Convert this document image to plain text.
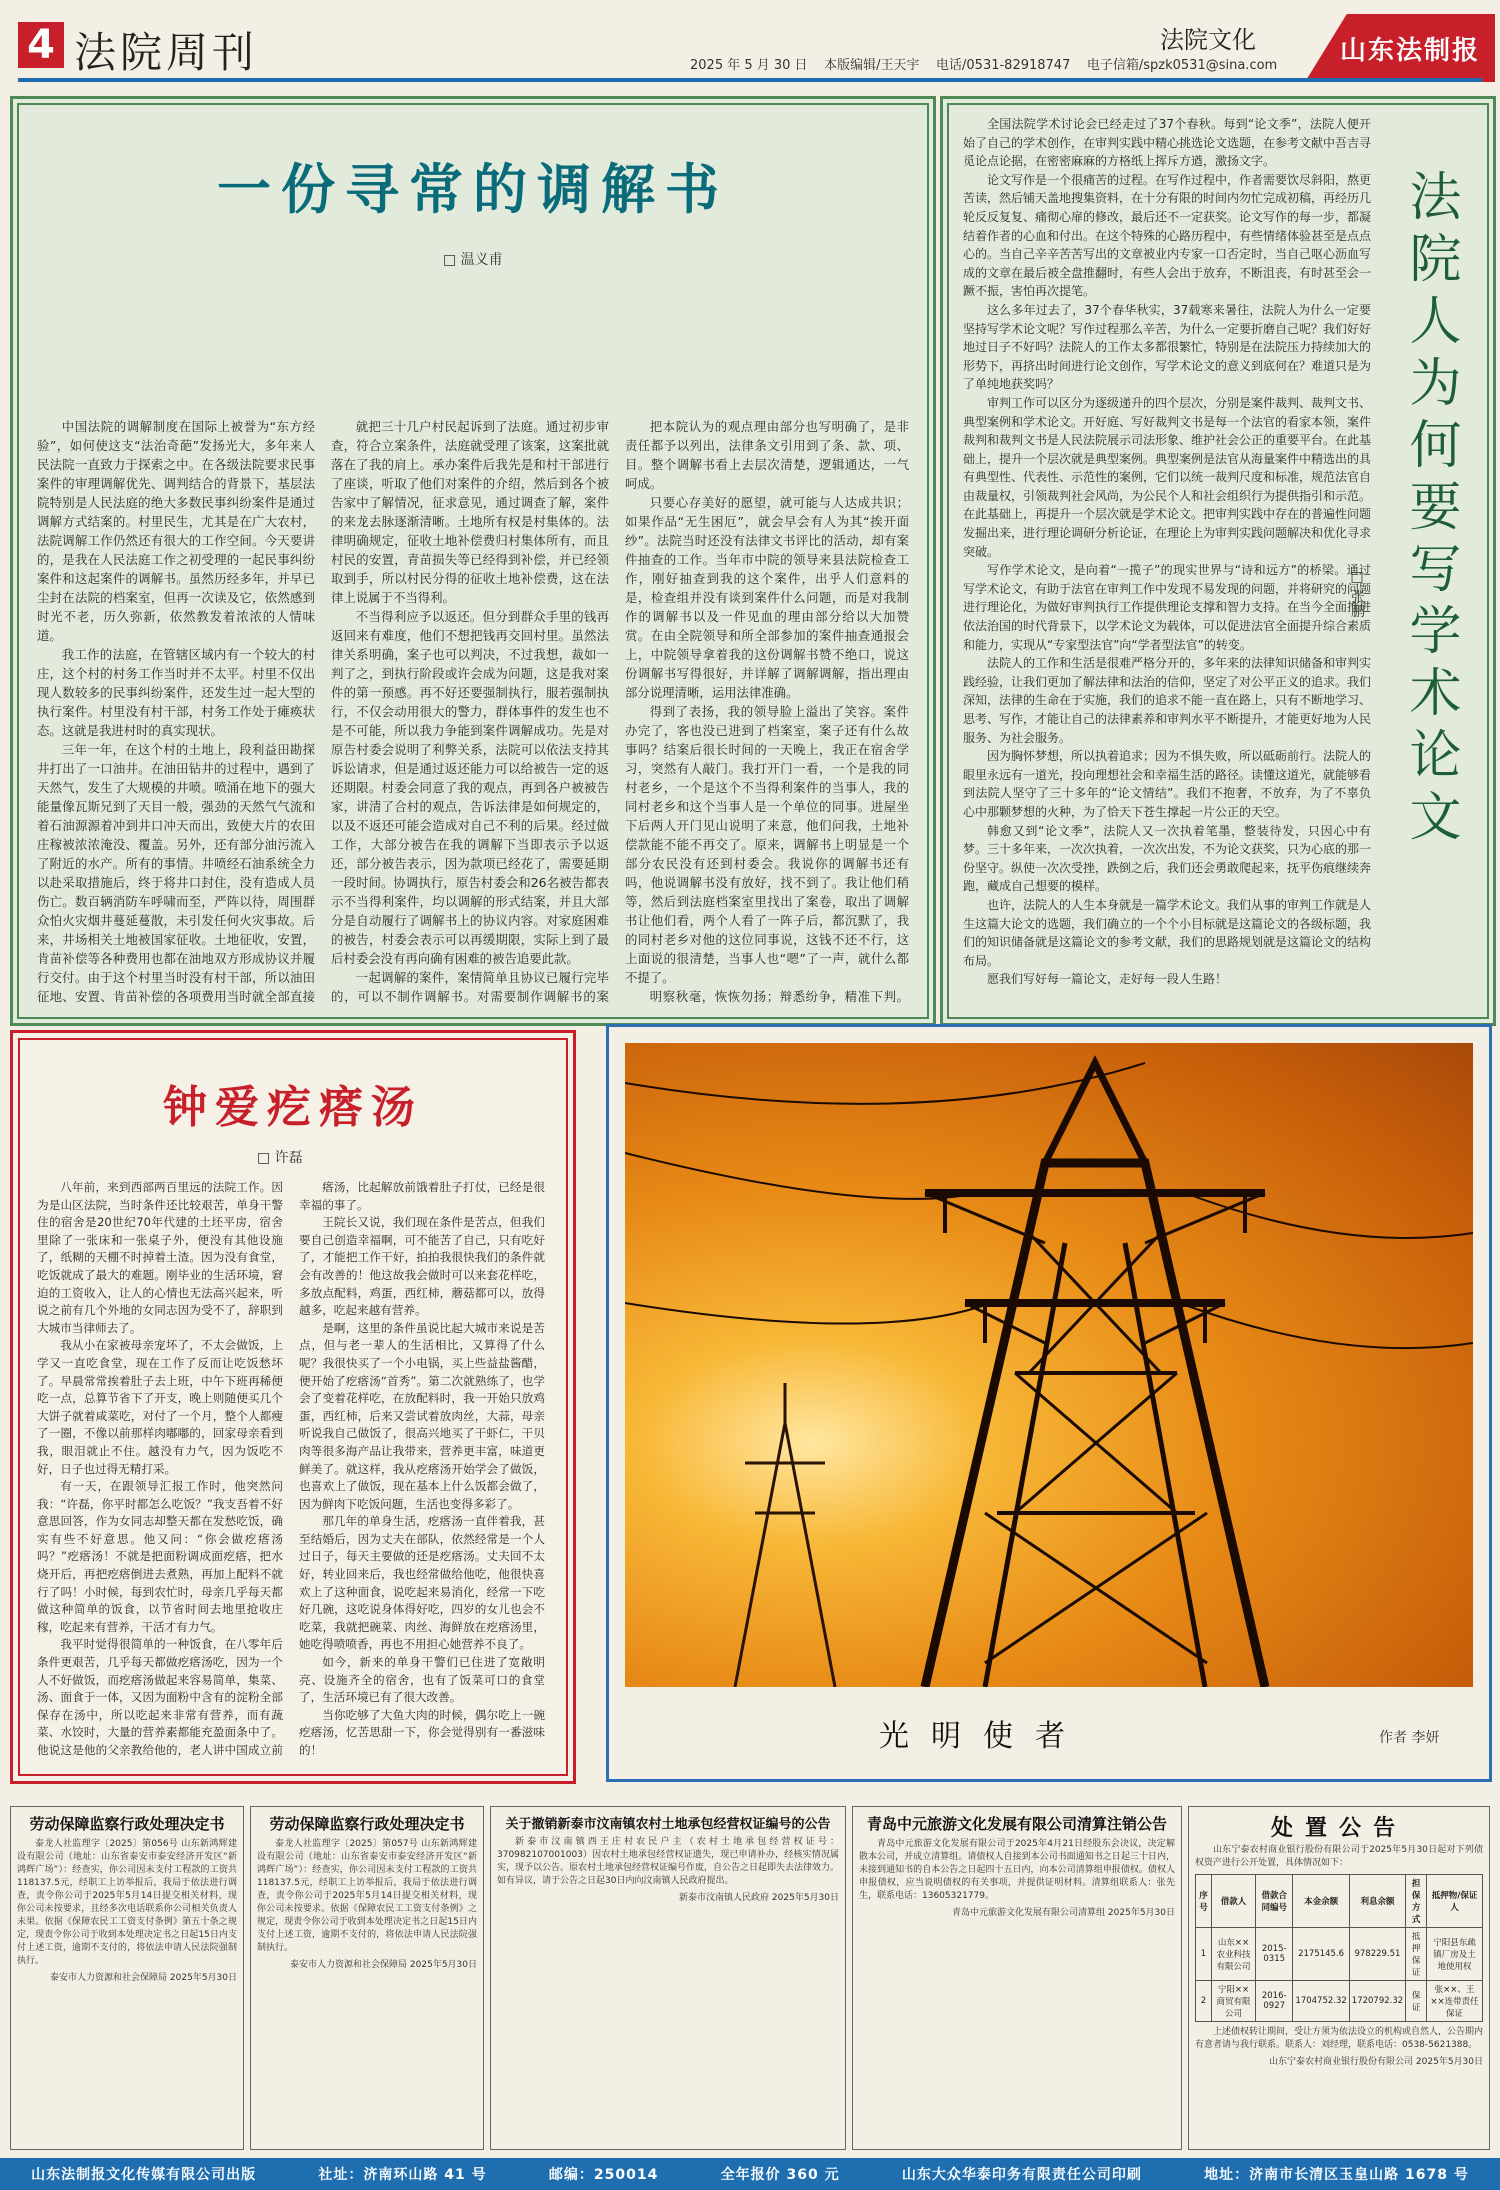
4 法院周刊	法院文化
2025 年 5 月 30 日 本版编辑/王天宇 电话/0531-82918747 电子信箱/spzk0531@sina.com 山东法制报
一份寻常的调解书
□ 温义甫

中国法院的调解制度在国际上被誉为“东方经验”，如何使这支“法治奇葩”发扬光大，多年来人民法院一直致力于探索之中。在各级法院要求民事案件的审理调解优先、调判结合的背景下，基层法院特别是人民法庭的绝大多数民事纠纷案件是通过调解方式结案的。村里民生，尤其是在广大农村，法院调解工作仍然还有很大的工作空间。今天要讲的，是我在人民法庭工作之初受理的一起民事纠纷案件和这起案件的调解书。虽然历经多年，并早已尘封在法院的档案室，但再一次读及它，依然感到时光不老，历久弥新，依然教发着浓浓的人情味道。

我工作的法庭，在管辖区域内有一个较大的村庄，这个村的村务工作当时并不太平。村里不仅出现人数较多的民事纠纷案件，还发生过一起大型的执行案件。村里没有村干部，村务工作处于瘫痪状态。这就是我进村时的真实现状。

三年一年，在这个村的土地上，段利益田勘探井打出了一口油井。在油田钻井的过程中，遇到了天然气，发生了大规模的井喷。喷涌在地下的强大能量像瓦斯兄到了天目一般，强劲的天然气气流和着石油源源着冲到井口冲天而出，致使大片的农田庄稼被浓浓淹没、覆盖。另外，还有部分油污流入了附近的水产。所有的事情。井喷经石油系统全力以赴采取措施后，终于将井口封住，没有造成人员伤亡。数百辆消防车呼啸而至，严阵以待，周围群众怕火灾烟井蔓延蔓散，未引发任何火灾事故。后来，井场相关土地被国家征收。土地征收，安置，肯苗补偿等各种费用也都在油地双方形成协议并履行交付。由于这个村里当时没有村干部，所以油田征地、安置、肯苗补偿的各项费用当时就全部直接

就把三十几户村民起诉到了法庭。通过初步审查，符合立案条件，法庭就受理了该案，这案批就落在了我的肩上。承办案件后我先是和村干部进行了座谈，听取了他们对案件的介绍，然后到各个被告家中了解情况，征求意见，通过调查了解，案件的来龙去脉逐渐清晰。土地所有权是村集体的。法律明确规定，征收土地补偿费归村集体所有，而且村民的安置，青苗损失等已经得到补偿，并已经领取到手，所以村民分得的征收土地补偿费，这在法律上说属于不当得利。

不当得利应予以返还。但分到群众手里的钱再返回来有难度，他们不想把钱再交回村里。虽然法律关系明确，案子也可以判决，不过我想，裁如一判了之，到执行阶段或许会成为问题，这是我对案件的第一预感。再不好还要强制执行，服若强制执行，不仅会动用很大的警力，群体事件的发生也不是不可能，所以我力争能到案件调解成功。先是对原告村委会说明了利弊关系，法院可以依法支持其诉讼请求，但是通过返还能力可以给被告一定的返还期限。村委会同意了我的观点，再到各户被被告家，讲清了合村的观点，告诉法律是如何规定的，以及不返还可能会造成对自己不利的后果。经过做工作，大部分被告在我的调解下当即表示予以返还，部分被告表示，因为款项已经花了，需要延期一段时间。协调执行，原告村委会和26名被告都表示不当得利案件，均以调解的形式结案，并且大部分是自动履行了调解书上的协议内容。对家庭困难的被告，村委会表示可以再缓期限，实际上到了最后村委会没有再向确有困难的被告追要此款。

一起调解的案件，案情简单且协议已履行完毕的，可以不制作调解书。对需要制作调解书的案

把本院认为的观点理由部分也写明确了，是非责任都予以列出，法律条文引用到了条、款、项、目。整个调解书看上去层次清楚，逻辑通达，一气呵成。

只要心存美好的愿望，就可能与人达成共识；如果作品“无生困厄”，就会早会有人为其“挨开面纱”。法院当时还没有法律文书评比的活动，却有案件抽查的工作。当年市中院的领导来县法院检查工作，刚好抽查到我的这个案件，出乎人们意料的是，检查组并没有谈到案件什么问题，而是对我制作的调解书以及一件见血的理由部分给以大加赞赏。在由全院领导和所全部参加的案件抽查通报会上，中院领导拿着我的这份调解书赞不绝口，说这份调解书写得很好，并详解了调解调解，指出理由部分说理清晰，运用法律准确。

得到了表扬，我的领导脸上溢出了笑容。案件办完了，客也没已进到了档案室，案子还有什么故事吗？结案后很长时间的一天晚上，我正在宿舍学习，突然有人敲门。我打开门一看，一个是我的同村老乡，一个是这个不当得利案件的当事人，我的同村老乡和这个当事人是一个单位的同事。进屋坐下后两人开门见山说明了来意，他们问我，土地补偿款能不能不再交了。原来，调解书上明显是一个部分农民没有还到村委会。我说你的调解书还有吗，他说调解书没有放好，找不到了。我让他们稍等，然后到法庭档案室里找出了案卷，取出了调解书让他们看，两个人看了一阵子后，都沉默了，我的同村老乡对他的这位同事说，这钱不还不行，这上面说的很清楚，当事人也“嗯”了一声，就什么都不提了。

明察秋毫，恢恢勿扬；辩悉纷争，精准下判。

全国法院学术讨论会已经走过了37个春秋。每到“论文季”，法院人便开始了自己的学术创作，在审判实践中精心挑选论文选题，在参考文献中吾吉寻觅论点论据，在密密麻麻的方格纸上挥斥方遒，激扬文字。

论文写作是一个很痛苦的过程。在写作过程中，作者需要饮尽斜阳，熬更苦读，然后铺天盖地搜集资料，在十分有限的时间内勿忙完成初稿，再经历几轮反反复复、痛彻心扉的修改，最后还不一定获奖。论文写作的每一步，都凝结着作者的心血和付出。在这个特殊的心路历程中，有些情绪体验甚至是点点心的。当自己辛辛苦苦写出的文章被业内专家一口否定时，当自己呕心沥血写成的文章在最后被全盘推翻时，有些人会出于放弃，不断沮丧，有时甚至会一蹶不振，害怕再次提笔。

这么多年过去了，37个春华秋实，37载寒来暑往，法院人为什么一定要坚持写学术论文呢？写作过程那么辛苦，为什么一定要折磨自己呢？我们好好地过日子不好吗？法院人的工作太多都很繁忙，特别是在法院压力持续加大的形势下，再挤出时间进行论文创作，写学术论文的意义到底何在？难道只是为了单纯地获奖吗？

审判工作可以区分为逐级递升的四个层次，分别是案件裁判、裁判文书、典型案例和学术论文。开好庭、写好裁判文书是每一个法官的看家本领，案件裁判和裁判文书是人民法院展示司法形象、维护社会公正的重要平台。在此基础上，提升一个层次就是典型案例。典型案例是法官从海量案件中精选出的具有典型性、代表性、示范性的案例，它们以统一裁判尺度和标准，规范法官自由裁量权，引领裁判社会风尚，为公民个人和社会组织行为提供指引和示范。在此基础上，再提升一个层次就是学术论文。把审判实践中存在的普遍性问题发掘出来，进行理论调研分析论证，在理论上为审判实践问题解决和优化寻求突破。

写作学术论文，是向着“一揽子”的现实世界与“诗和远方”的桥梁。通过写学术论文，有助于法官在审判工作中发现不易发现的问题，并将研究的问题进行理论化，为做好审判执行工作提供理论支撑和智力支持。在当今全面推进依法治国的时代背景下，以学术论文为载体，可以促进法官全面提升综合素质和能力，实现从“专家型法官”向“学者型法官”的转变。

法院人的工作和生活是很难严格分开的，多年来的法律知识储备和审判实践经验，让我们更加了解法律和法治的信仰，坚定了对公平正义的追求。我们深知，法律的生命在于实施，我们的追求不能一直在路上，只有不断地学习、思考、写作，才能让自己的法律素养和审判水平不断提升，才能更好地为人民服务、为社会服务。

因为胸怀梦想，所以执着追求；因为不惧失败，所以砥砺前行。法院人的眼里永远有一道光，投向理想社会和幸福生活的路径。读懂这道光，就能够看到法院人坚守了三十多年的“论文情结”。我们不抱奢，不放弃，为了不辜负心中那颗梦想的火种，为了恰天下苍生撑起一片公正的天空。

韩愈又到“论文季”，法院人又一次执着笔墨，整装待发，只因心中有梦。三十多年来，一次次执着，一次次出发，不为论文获奖，只为心底的那一份坚守。纵使一次次受挫，跌倒之后，我们还会勇敢爬起来，抚平伤痕继续奔跑，藏成自己想要的模样。

也许，法院人的人生本身就是一篇学术论文。我们从事的审判工作就是人生这篇大论文的选题，我们确立的一个个小目标就是这篇论文的各级标题，我们的知识储备就是这篇论文的参考文献，我们的思路规划就是这篇论文的结构布局。

愿我们写好每一篇论文，走好每一段人生路！

法院人为何要写学术论文
□ 张鹏
钟爱疙瘩汤
□ 许磊

八年前，来到西部两百里远的法院工作。因为是山区法院，当时条件还比较艰苦，单身干警住的宿舍是20世纪70年代建的土坯平房，宿舍里除了一张床和一张桌子外，便没有其他设施了，纸糊的天棚不时掉着土渣。因为没有食堂，吃饭就成了最大的难题。刚毕业的生活环境，窘迫的工资收入，让人的心情也无法高兴起来，听说之前有几个外地的女同志因为受不了，辞职到大城市当律师去了。

我从小在家被母亲宠坏了，不太会做饭，上学又一直吃食堂，现在工作了反而让吃饭愁坏了。早晨常常挨着肚子去上班，中午下班再稀便吃一点，总算节省下了开支，晚上则随便买几个大饼子就着咸菜吃，对付了一个月，整个人都瘦了一圈，不像以前那样肉嘟嘟的，回家母亲看到我，眼泪就止不住。越没有力气，因为饭吃不好，日子也过得无精打采。

有一天，在跟领导汇报工作时，他突然问我：“许磊，你平时都怎么吃饭？”我支吾着不好意思回答，作为女同志却整天都在发愁吃饭，确实有些不好意思。他又问：“你会做疙瘩汤吗？”疙瘩汤！不就是把面粉调成面疙瘩，把水烧开后，再把疙瘩倒进去煮熟，再加上配料不就行了吗！小时候，每到农忙时，母亲几乎每天都做这种简单的饭食，以节省时间去地里抢收庄稼，吃起来有营养，干活才有力气。

我平时觉得很简单的一种饭食，在八零年后条件更艰苦，几乎每天都做疙瘩汤吃，因为一个人不好做饭，而疙瘩汤做起来容易简单，集菜、汤、面食于一体，又因为面粉中含有的淀粉全部保存在汤中，所以吃起来非常有营养，而有蔬菜、水饺时，大量的营养素都能充盈面条中了。他说这是他的父亲教给他的，老人讲中国成立前

瘩汤，比起解放前饿着肚子打仗，已经是很幸福的事了。

王院长又说，我们现在条件是苦点，但我们要自己创造幸福啊，可不能苦了自己，只有吃好了，才能把工作干好，拍拍我很快我们的条件就会有改善的！他这故我会做时可以来套花样吃，多放点配料，鸡蛋，西红柿，蘑菇都可以，放得越多，吃起来越有营养。

是啊，这里的条件虽说比起大城市来说是苦点，但与老一辈人的生活相比，又算得了什么呢？我很快买了一个小电锅，买上些益盐酱醋，便开始了疙瘩汤“首秀”。第二次就熟练了，也学会了变着花样吃，在放配料时，我一开始只放鸡蛋，西红柿，后来又尝试着放肉丝，大蒜，母亲听说我自己做饭了，很高兴地买了干虾仁，干贝肉等很多海产品让我带来，营养更丰富，味道更鲜美了。就这样，我从疙瘩汤开始学会了做饭，也喜欢上了做饭，现在基本上什么饭都会做了，因为鲜肉下吃饭问题，生活也变得多彩了。

那几年的单身生活，疙瘩汤一直伴着我，甚至结婚后，因为丈夫在部队，依然经常是一个人过日子，每天主要做的还是疙瘩汤。丈夫回不太好，转业回来后，我也经常做给他吃，他很快喜欢上了这种面食，说吃起来易消化，经常一下吃好几碗，这吃说身体得好吃，四岁的女儿也会不吃菜，我就把碗菜、肉丝、海鲜放在疙瘩汤里，她吃得喷喷香，再也不用担心她营养不良了。

如今，新来的单身干警们已住进了宽敞明亮、设施齐全的宿舍，也有了饭菜可口的食堂了，生活环境已有了很大改善。

当你吃够了大鱼大肉的时候，偶尔吃上一碗疙瘩汤，忆苦思甜一下，你会觉得别有一番滋味的！	光明使者	作者 李妍
劳动保障监察行政处理决定书

泰龙人社监理字〔2025〕第056号 山东新鸿辉建设有限公司（地址：山东省泰安市泰安经济开发区“新鸿辉广场”）：经查实，你公司因未支付工程款的工资共118137.5元，经职工上访举报后，我局于依法进行调查，责令你公司于2025年5月14日提交相关材料，现你公司未按要求，且经多次电话联系你公司相关负责人未果。依据《保障农民工工资支付条例》第五十条之规定，现责令你公司于收到本处理决定书之日起15日内支付上述工资，逾期不支付的，将依法申请人民法院强制执行。

泰安市人力资源和社会保障局 2025年5月30日
劳动保障监察行政处理决定书

泰龙人社监理字〔2025〕第057号 山东新鸿辉建设有限公司（地址：山东省泰安市泰安经济开发区“新鸿辉广场”）：经查实，你公司因未支付工程款的工资共118137.5元，经职工上访举报后，我局于依法进行调查，责令你公司于2025年5月14日提交相关材料，现你公司未按要求。依据《保障农民工工资支付条例》之规定，现责令你公司于收到本处理决定书之日起15日内支付上述工资，逾期不支付的，将依法申请人民法院强制执行。

泰安市人力资源和社会保障局 2025年5月30日
关于撤销新泰市汶南镇农村土地承包经营权证编号的公告

新泰市汶南镇西王庄村农民户主（农村土地承包经营权证号：370982107001003）因农村土地承包经营权证遗失，现已申请补办，经核实情况属实，现予以公告。原农村土地承包经营权证编号作废，自公告之日起即失去法律效力。如有异议，请于公告之日起30日内向汶南镇人民政府提出。

新泰市汶南镇人民政府 2025年5月30日
青岛中元旅游文化发展有限公司清算注销公告

青岛中元旅游文化发展有限公司于2025年4月21日经股东会决议，决定解散本公司，并成立清算组。请债权人自接到本公司书面通知书之日起三十日内，未接到通知书的自本公告之日起四十五日内，向本公司清算组申报债权。债权人申报债权，应当说明债权的有关事项，并提供证明材料。清算组联系人：张先生，联系电话：13605321779。

青岛中元旅游文化发展有限公司清算组 2025年5月30日
处置公告

山东宁泰农村商业银行股份有限公司于2025年5月30日起对下列债权资产进行公开处置，具体情况如下：

序号	借款人	借款合同编号	本金余额	利息余额	担保方式	抵押物/保证人
1	山东××农业科技有限公司	2015-0315	2175145.6	978229.51	抵押保证	宁阳县东疏镇厂房及土地使用权
2	宁阳××商贸有限公司	2016-0927	1704752.32	1720792.32	保证	张××、王××连带责任保证

上述债权转让期间，受让方须为依法设立的机构或自然人，公告期内有意者请与我行联系。联系人：刘经理，联系电话：0538-5621388。

山东宁泰农村商业银行股份有限公司 2025年5月30日
山东法制报文化传媒有限公司出版	社址：济南环山路 41 号	邮编：250014	全年报价 360 元	山东大众华泰印务有限责任公司印刷	地址：济南市长清区玉皇山路 1678 号
